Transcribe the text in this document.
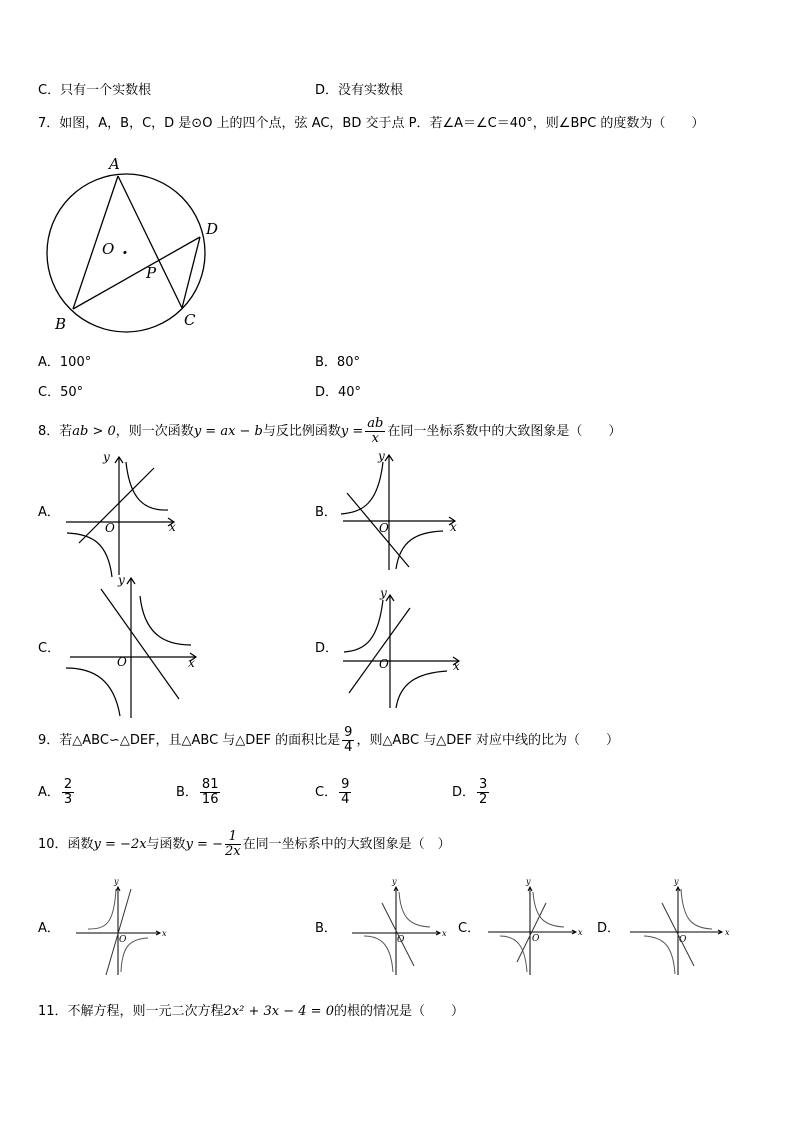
C．只有一个实数根	D．没有实数根
7．如图，A，B，C，D 是⊙O 上的四个点，弦 AC，BD 交于点 P．若∠A＝∠C＝40°，则∠BPC 的度数为（　　）
A
B	C
D
O .
P
A．100°	B．80°
C．50°	D．40°
8．若ab > 0，则一次函数y = ax − b与反比例函数$y = \frac{ab}{x}$ 在同一坐标系数中的大致图象是（　　）
A．	B．
C．	D．
y
x
O
y
x
O
y
x
O
y
x
O
9．若△ABC∽△DEF，且△ABC 与△DEF 的面积比是 $\frac{9}{4}$ ，则△ABC 与△DEF 对应中线的比为（　　）
A． $\frac{2}{3}$	B． $\frac{81}{16}$	C． $\frac{9}{4}$	D． $\frac{3}{2}$
10．函数y = −2x与函数y = − $\frac{1}{2x}$ 在同一坐标系中的大致图象是（　）
A．	B．	C．	D．
y
x
O
y
x
O
y
x
O
y
x
O
11．不解方程，则一元二次方程2x² + 3x − 4 = 0的根的情况是（　　）
